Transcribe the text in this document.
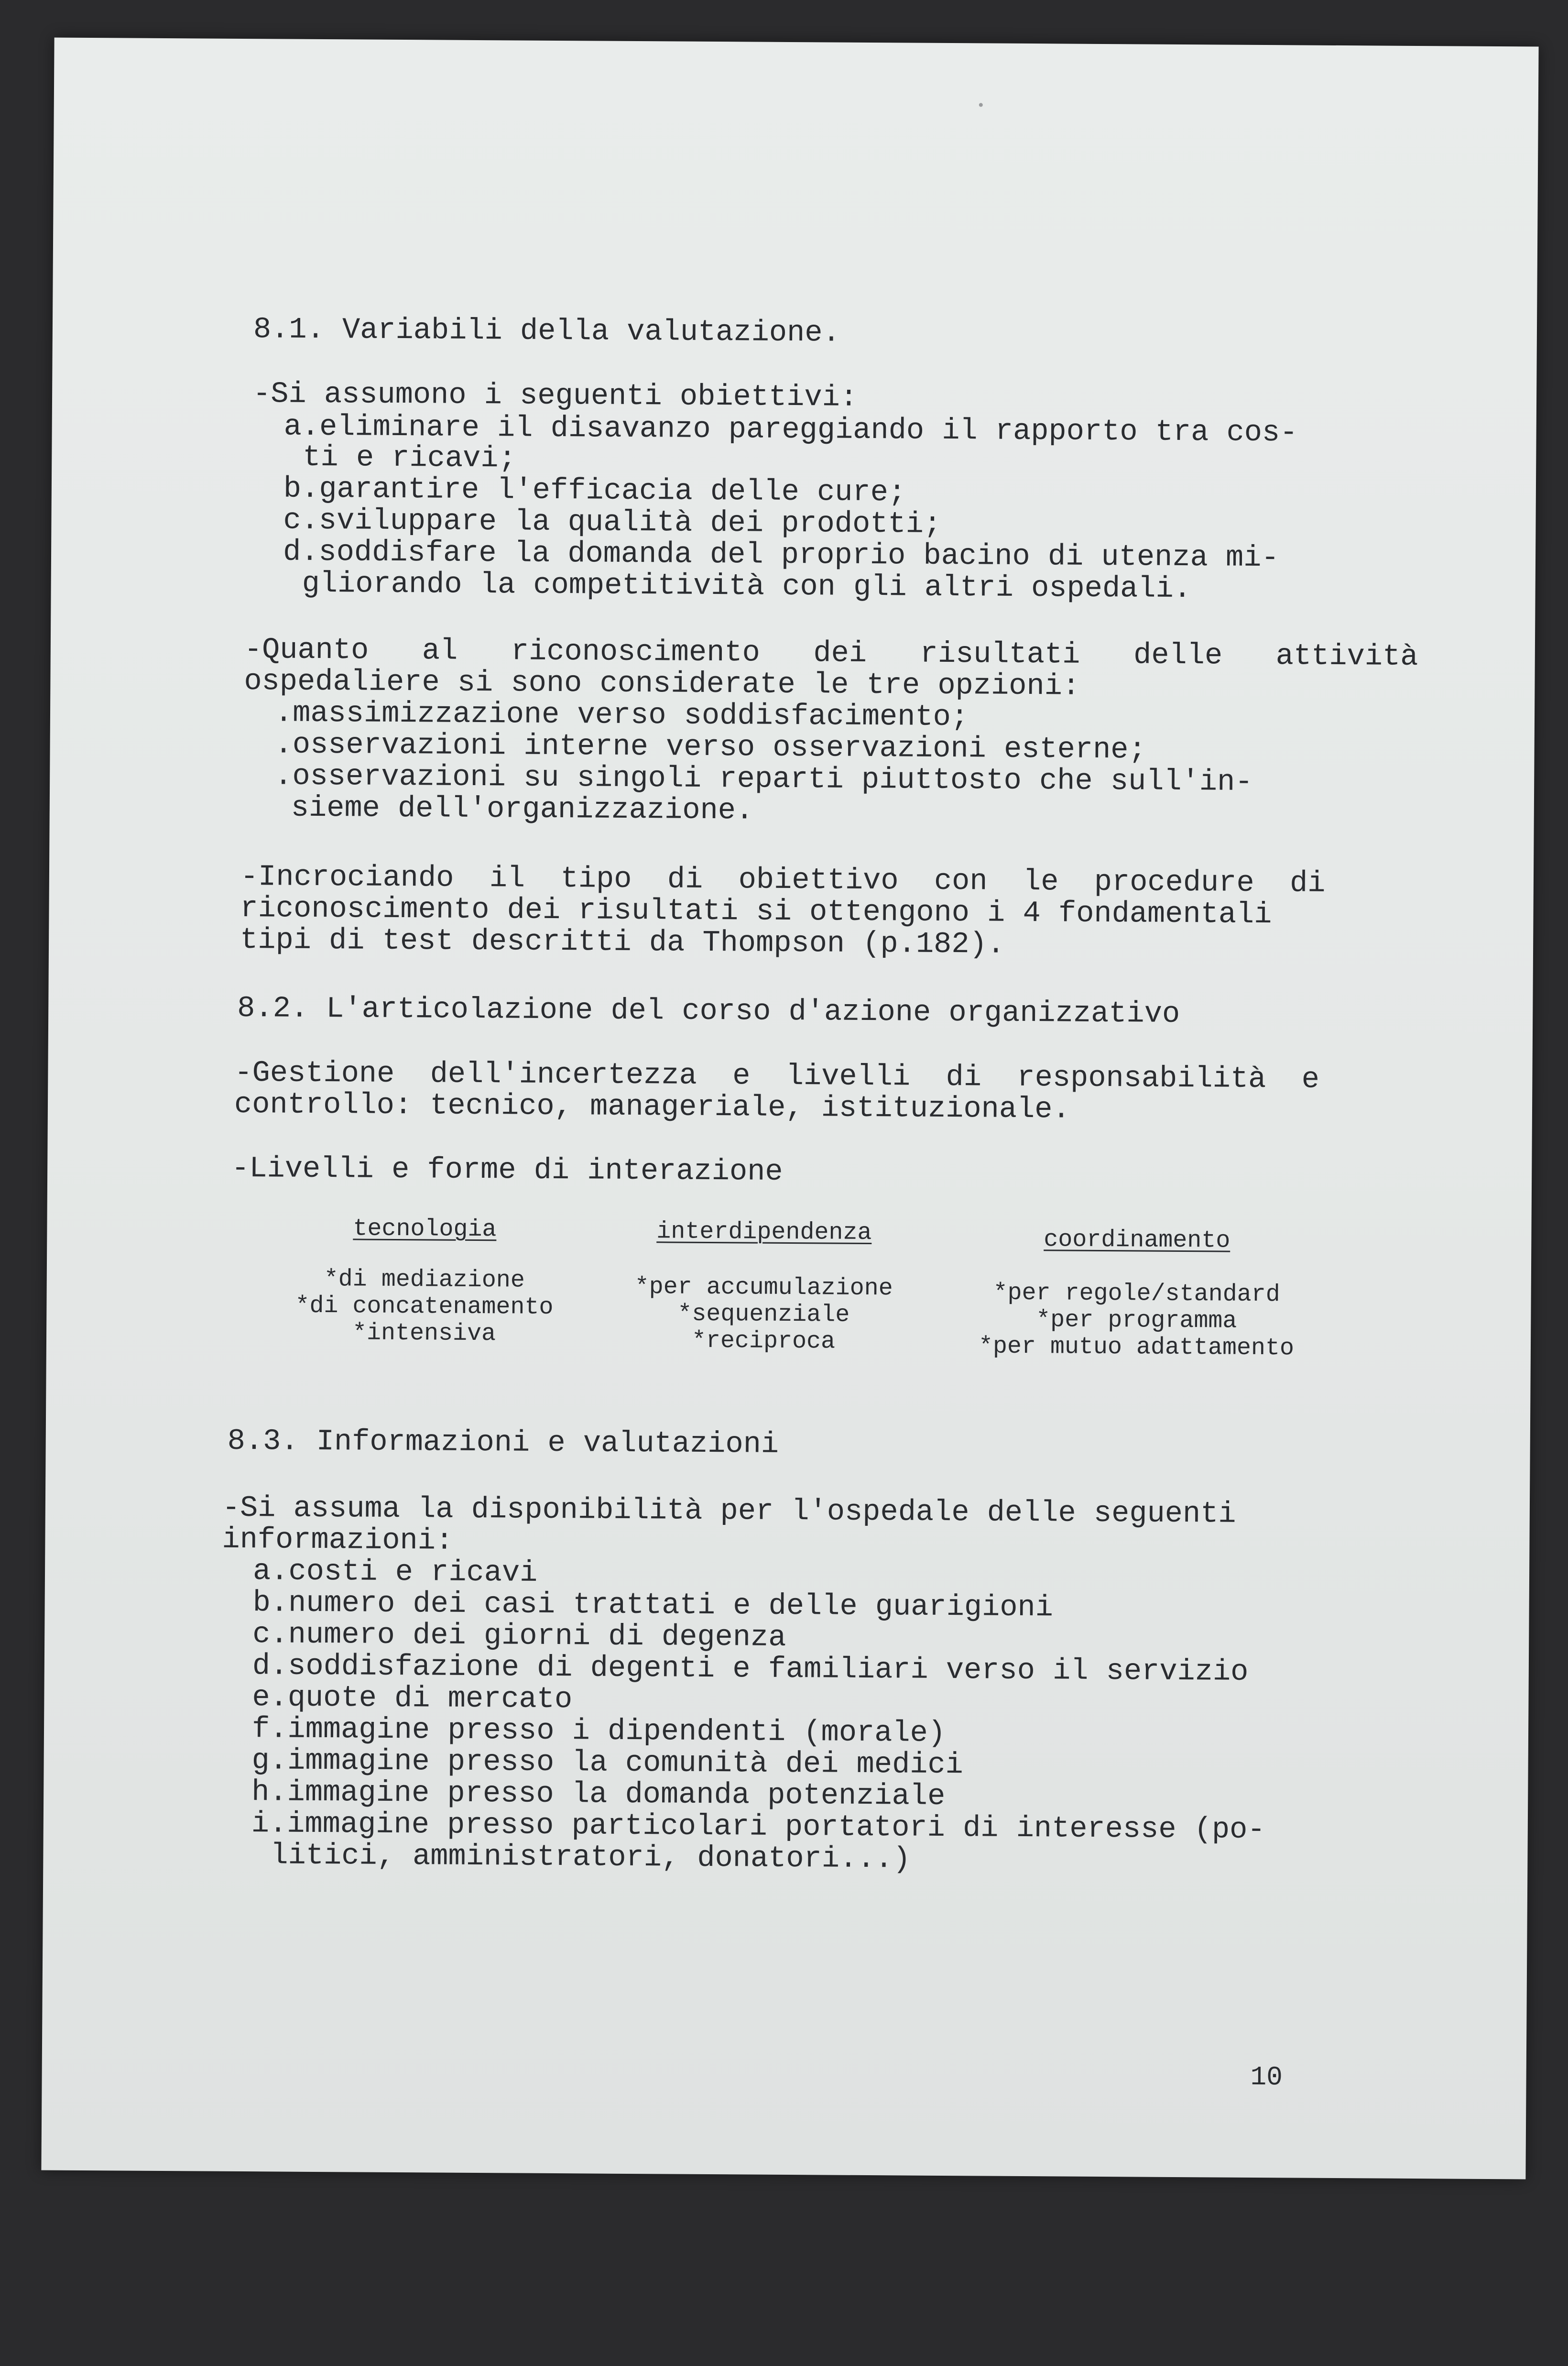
8.1. Variabili della valutazione.
-Si assumono i seguenti obiettivi:
a.eliminare il disavanzo pareggiando il rapporto tra cos-
ti e ricavi;
b.garantire l'efficacia delle cure;
c.sviluppare la qualità dei prodotti;
d.soddisfare la domanda del proprio bacino di utenza mi-
gliorando la competitività con gli altri ospedali.
-Quanto   al   riconoscimento   dei   risultati   delle   attività
ospedaliere si sono considerate le tre opzioni:
.massimizzazione verso soddisfacimento;
.osservazioni interne verso osservazioni esterne;
.osservazioni su singoli reparti piuttosto che sull'in-
sieme dell'organizzazione.
-Incrociando  il  tipo  di  obiettivo  con  le  procedure  di
riconoscimento dei risultati si ottengono i 4 fondamentali
tipi di test descritti da Thompson (p.182).
8.2. L'articolazione del corso d'azione organizzativo
-Gestione  dell'incertezza  e  livelli  di  responsabilità  e
controllo: tecnico, manageriale, istituzionale.
-Livelli e forme di interazione
tecnologia	interdipendenza	coordinamento
*di mediazione
*di concatenamento
*intensiva
*per accumulazione
*sequenziale
*reciproca
*per regole/standard
*per programma
*per mutuo adattamento
8.3. Informazioni e valutazioni
-Si assuma la disponibilità per l'ospedale delle seguenti
informazioni:
a.costi e ricavi
b.numero dei casi trattati e delle guarigioni
c.numero dei giorni di degenza
d.soddisfazione di degenti e familiari verso il servizio
e.quote di mercato
f.immagine presso i dipendenti (morale)
g.immagine presso la comunità dei medici
h.immagine presso la domanda potenziale
i.immagine presso particolari portatori di interesse (po-
litici, amministratori, donatori...)
10
